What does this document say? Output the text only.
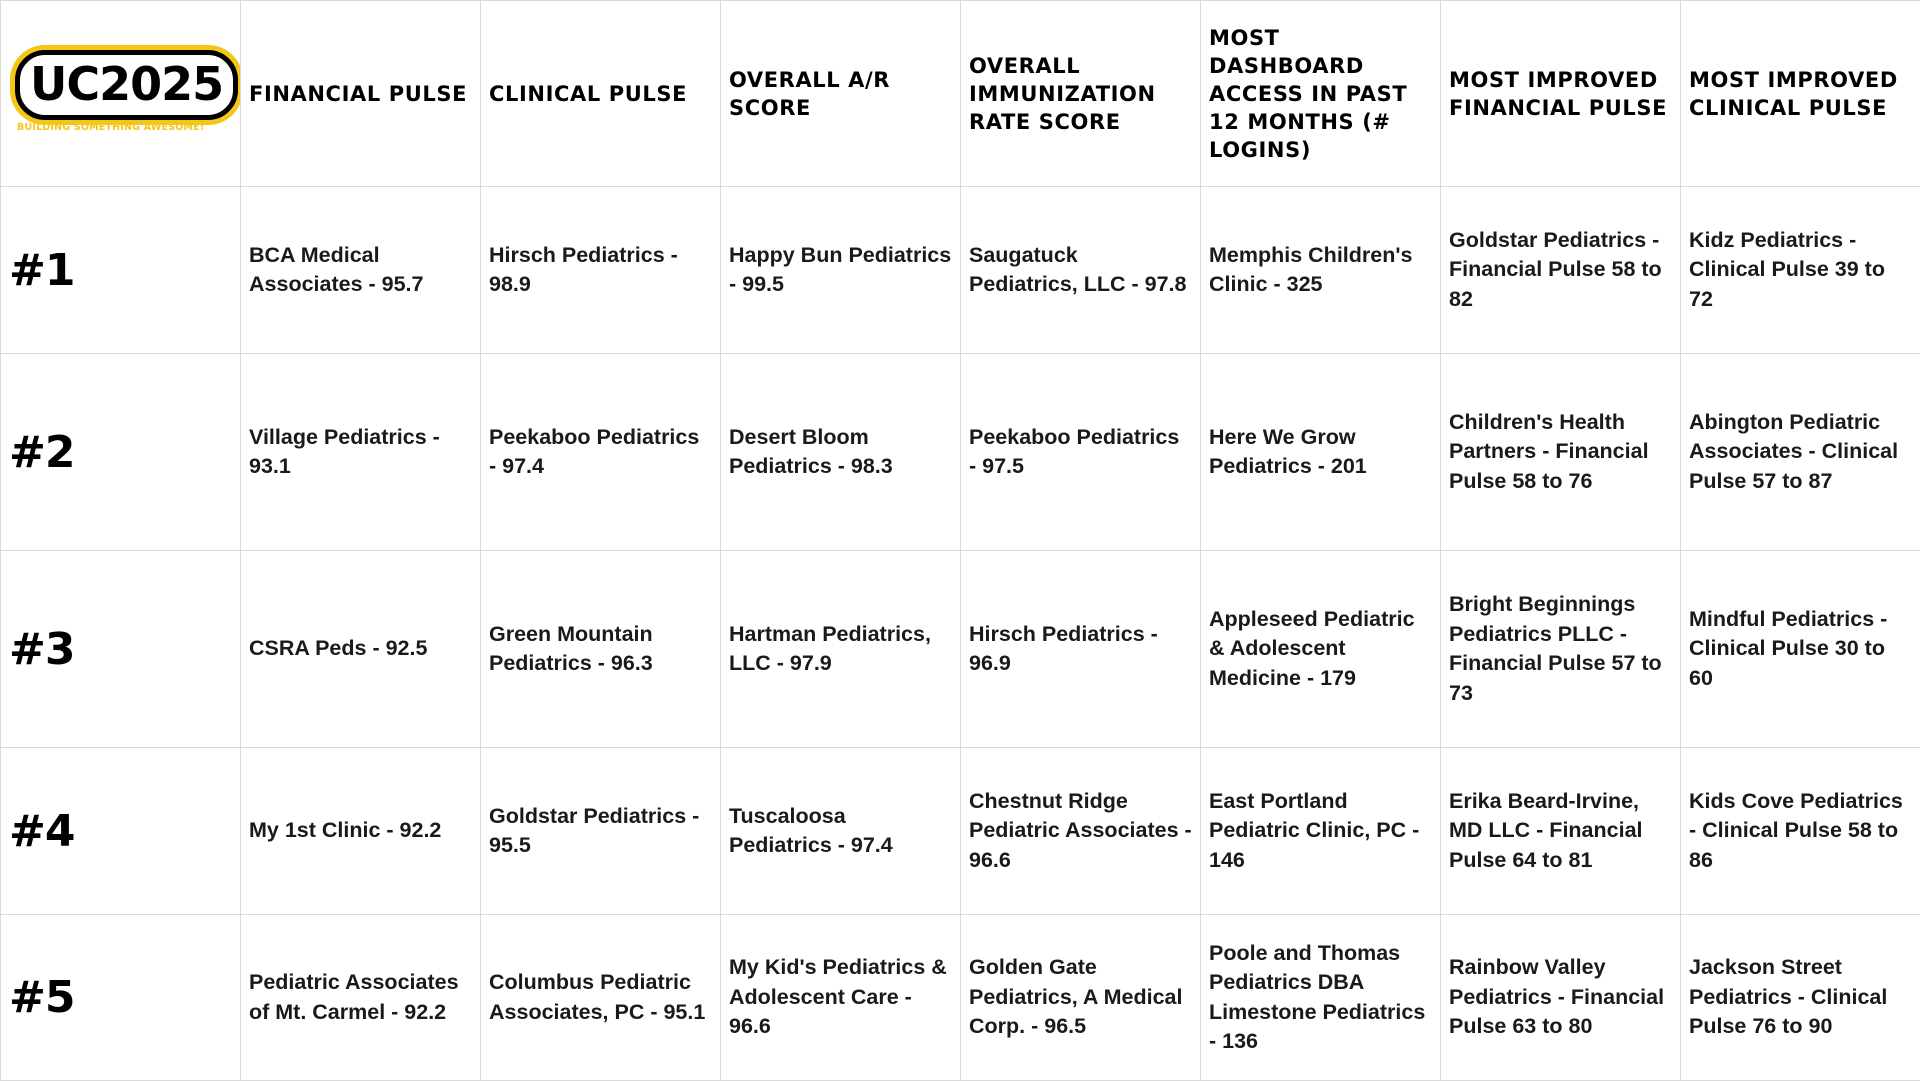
UC2025
BUILDING SOMETHING AWESOME!	FINANCIAL PULSE	CLINICAL PULSE	OVERALL A/R SCORE	OVERALL IMMUNIZATION RATE SCORE	MOST DASHBOARD ACCESS IN PAST 12 MONTHS (# LOGINS)	MOST IMPROVED FINANCIAL PULSE	MOST IMPROVED CLINICAL PULSE
#1	BCA Medical Associates - 95.7	Hirsch Pediatrics - 98.9	Happy Bun Pediatrics - 99.5	Saugatuck Pediatrics, LLC - 97.8	Memphis Children's Clinic - 325	Goldstar Pediatrics - Financial Pulse 58 to 82	Kidz Pediatrics - Clinical Pulse 39 to 72
#2	Village Pediatrics - 93.1	Peekaboo Pediatrics - 97.4	Desert Bloom Pediatrics - 98.3	Peekaboo Pediatrics - 97.5	Here We Grow Pediatrics - 201	Children's Health Partners - Financial Pulse 58 to 76	Abington Pediatric Associates - Clinical Pulse 57 to 87
#3	CSRA Peds - 92.5	Green Mountain Pediatrics - 96.3	Hartman Pediatrics, LLC - 97.9	Hirsch Pediatrics - 96.9	Appleseed Pediatric & Adolescent Medicine - 179	Bright Beginnings Pediatrics PLLC - Financial Pulse 57 to 73	Mindful Pediatrics - Clinical Pulse 30 to 60
#4	My 1st Clinic - 92.2	Goldstar Pediatrics - 95.5	Tuscaloosa Pediatrics - 97.4	Chestnut Ridge Pediatric Associates - 96.6	East Portland Pediatric Clinic, PC - 146	Erika Beard-Irvine, MD LLC - Financial Pulse 64 to 81	Kids Cove Pediatrics - Clinical Pulse 58 to 86
#5	Pediatric Associates of Mt. Carmel - 92.2	Columbus Pediatric Associates, PC - 95.1	My Kid's Pediatrics & Adolescent Care - 96.6	Golden Gate Pediatrics, A Medical Corp. - 96.5	Poole and Thomas Pediatrics DBA Limestone Pediatrics - 136	Rainbow Valley Pediatrics - Financial Pulse 63 to 80	Jackson Street Pediatrics - Clinical Pulse 76 to 90
